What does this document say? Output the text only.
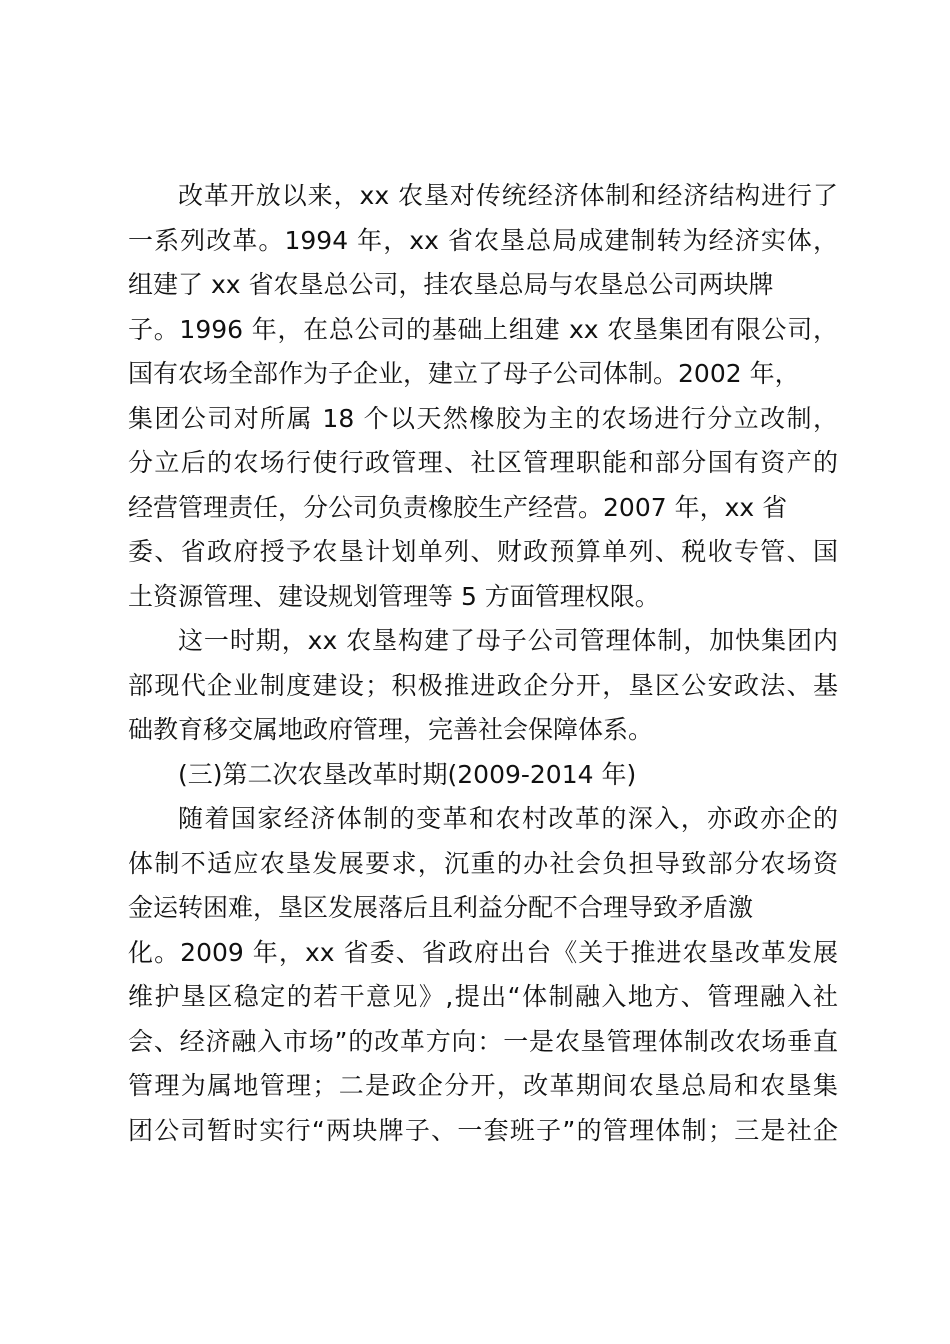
改革开放以来，xx 农垦对传统经济体制和经济结构进行了
一系列改革。1994 年，xx 省农垦总局成建制转为经济实体，
组建了 xx 省农垦总公司，挂农垦总局与农垦总公司两块牌
子。1996 年，在总公司的基础上组建 xx 农垦集团有限公司，
国有农场全部作为子企业，建立了母子公司体制。2002 年，
集团公司对所属 18 个以天然橡胶为主的农场进行分立改制，
分立后的农场行使行政管理、社区管理职能和部分国有资产的
经营管理责任，分公司负责橡胶生产经营。2007 年，xx 省
委、省政府授予农垦计划单列、财政预算单列、税收专管、国
土资源管理、建设规划管理等 5 方面管理权限。
这一时期，xx 农垦构建了母子公司管理体制，加快集团内
部现代企业制度建设；积极推进政企分开，垦区公安政法、基
础教育移交属地政府管理，完善社会保障体系。
(三)第二次农垦改革时期(2009-2014 年)
随着国家经济体制的变革和农村改革的深入，亦政亦企的
体制不适应农垦发展要求，沉重的办社会负担导致部分农场资
金运转困难，垦区发展落后且利益分配不合理导致矛盾激
化。2009 年，xx 省委、省政府出台《关于推进农垦改革发展
维护垦区稳定的若干意见》,提出“体制融入地方、管理融入社
会、经济融入市场”的改革方向：一是农垦管理体制改农场垂直
管理为属地管理；二是政企分开，改革期间农垦总局和农垦集
团公司暂时实行“两块牌子、一套班子”的管理体制；三是社企
